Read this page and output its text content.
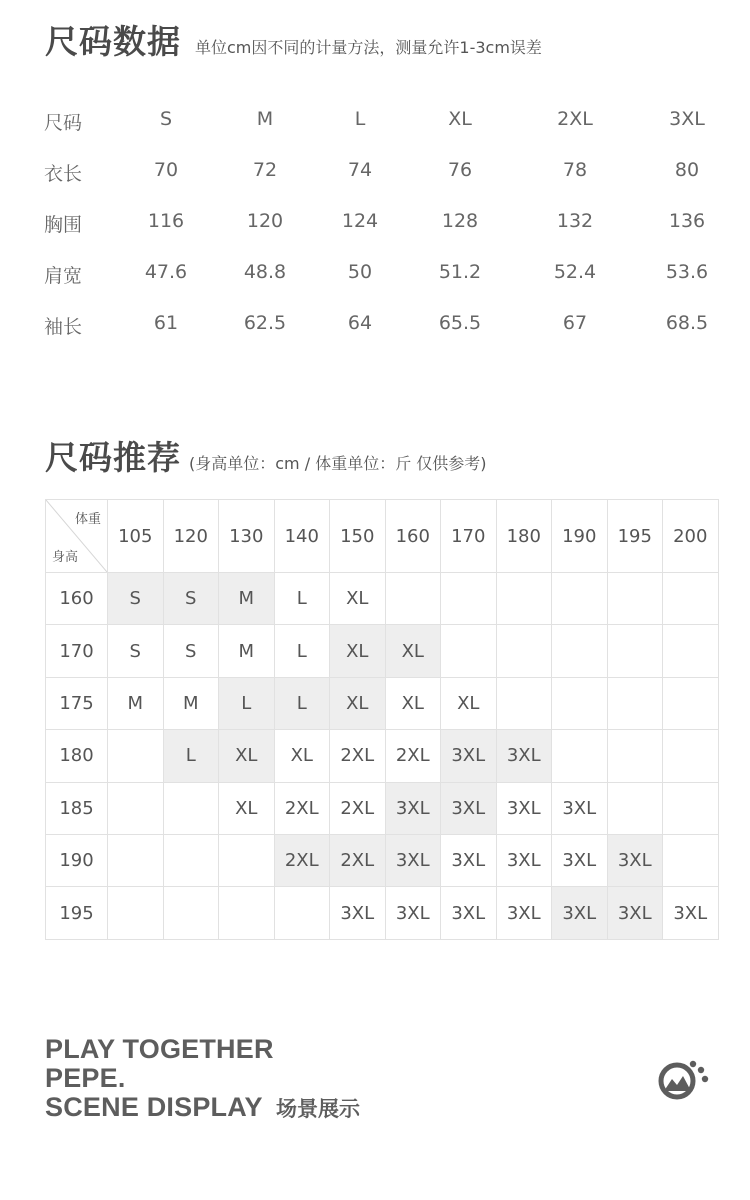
尺码数据 单位cm因不同的计量方法，测量允许1-3cm误差
尺码	S	M	L	XL	2XL	3XL
衣长	70	72	74	76	78	80
胸围	116	120	124	128	132	136
肩宽	47.6	48.8	50	51.2	52.4	53.6
袖长	61	62.5	64	65.5	67	68.5
尺码推荐 (身高单位：cm / 体重单位：斤 仅供参考)
体重
身高	105	120	130	140	150	160	170	180	190	195	200
160	S	S	M	L	XL						
170	S	S	M	L	XL	XL					
175	M	M	L	L	XL	XL	XL				
180		L	XL	XL	2XL	2XL	3XL	3XL			
185			XL	2XL	2XL	3XL	3XL	3XL	3XL		
190				2XL	2XL	3XL	3XL	3XL	3XL	3XL	
195					3XL	3XL	3XL	3XL	3XL	3XL	3XL
PLAY TOGETHER
PEPE.
SCENE DISPLAY 场景展示
